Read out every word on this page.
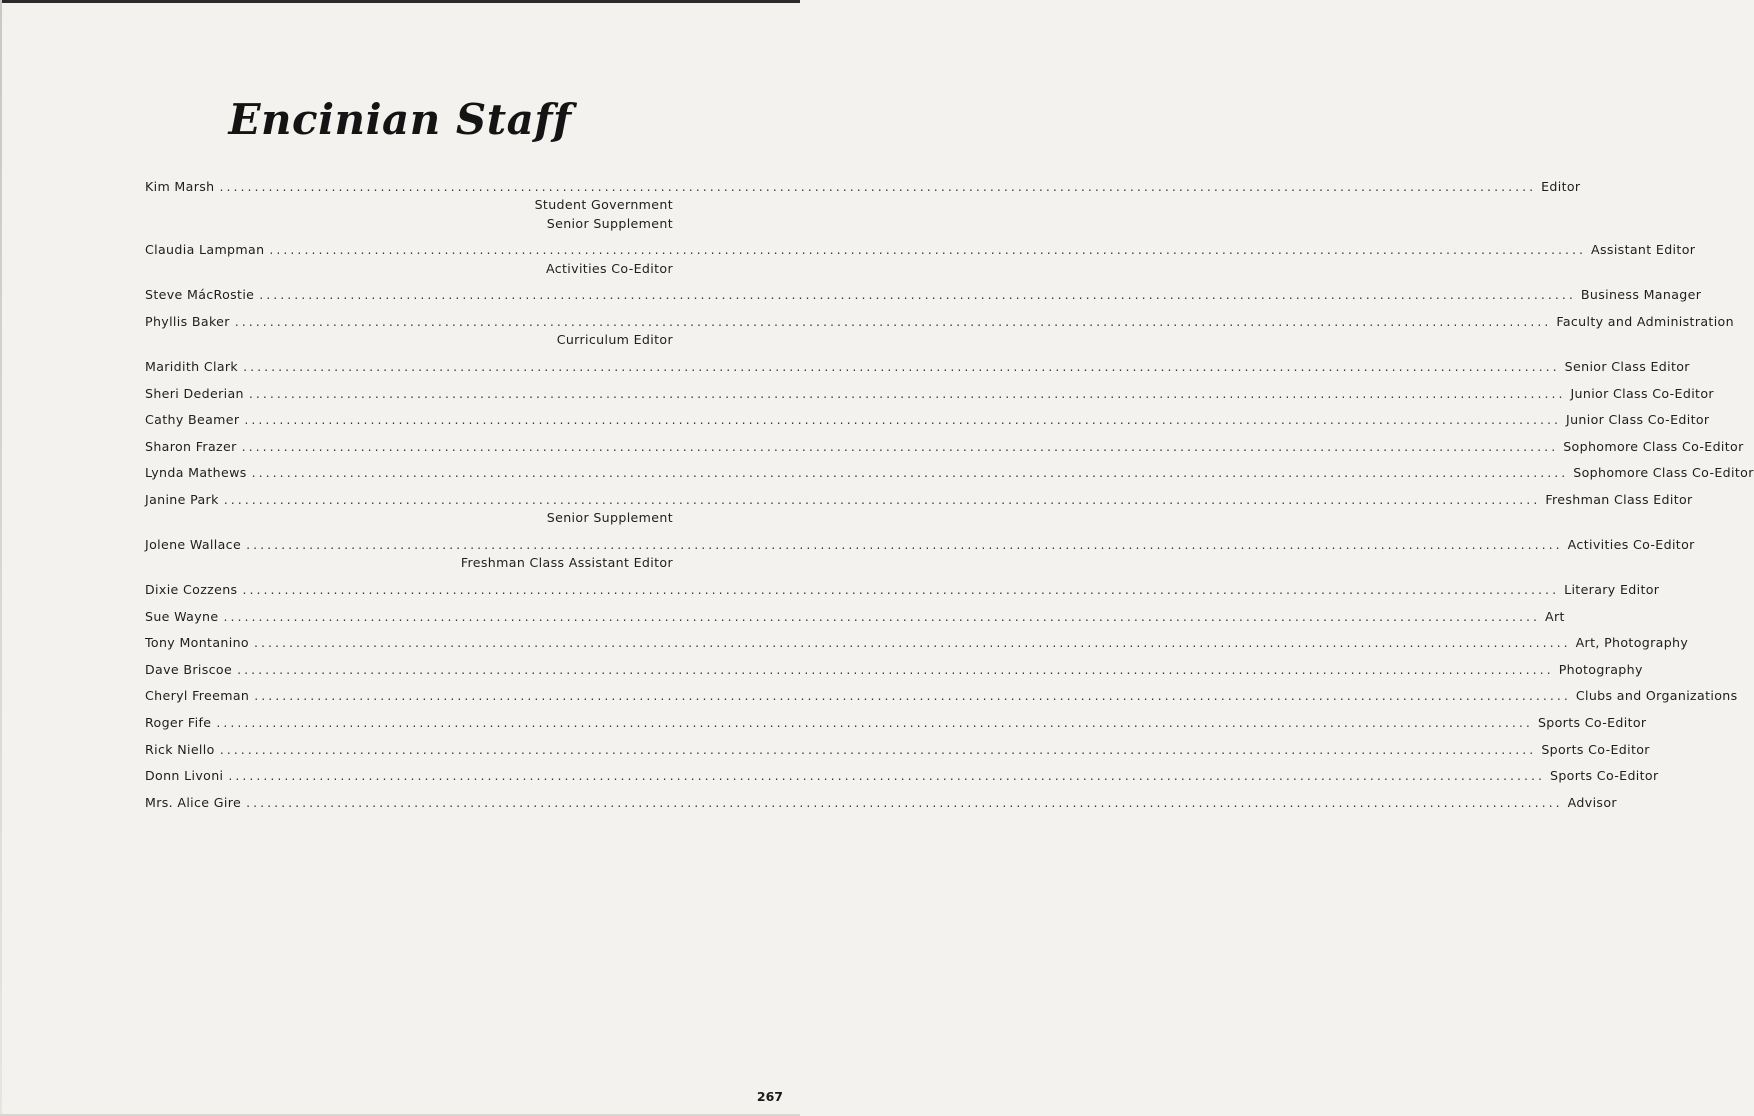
Encinian Staff
Kim Marsh ............................................................................................................................................................................................ Editor
Student Government
Senior Supplement
Claudia Lampman ............................................................................................................................................................................................ Assistant Editor
Activities Co-Editor
Steve MácRostie ............................................................................................................................................................................................ Business Manager
Phyllis Baker ............................................................................................................................................................................................ Faculty and Administration
Curriculum Editor
Maridith Clark ............................................................................................................................................................................................ Senior Class Editor
Sheri Dederian ............................................................................................................................................................................................ Junior Class Co-Editor
Cathy Beamer ............................................................................................................................................................................................ Junior Class Co-Editor
Sharon Frazer ............................................................................................................................................................................................ Sophomore Class Co-Editor
Lynda Mathews ............................................................................................................................................................................................ Sophomore Class Co-Editor
Janine Park ............................................................................................................................................................................................ Freshman Class Editor
Senior Supplement
Jolene Wallace ............................................................................................................................................................................................ Activities Co-Editor
Freshman Class Assistant Editor
Dixie Cozzens ............................................................................................................................................................................................ Literary Editor
Sue Wayne ............................................................................................................................................................................................ Art
Tony Montanino ............................................................................................................................................................................................ Art, Photography
Dave Briscoe ............................................................................................................................................................................................ Photography
Cheryl Freeman ............................................................................................................................................................................................ Clubs and Organizations
Roger Fife ............................................................................................................................................................................................ Sports Co-Editor
Rick Niello ............................................................................................................................................................................................ Sports Co-Editor
Donn Livoni ............................................................................................................................................................................................ Sports Co-Editor
Mrs. Alice Gire ............................................................................................................................................................................................ Advisor
267
